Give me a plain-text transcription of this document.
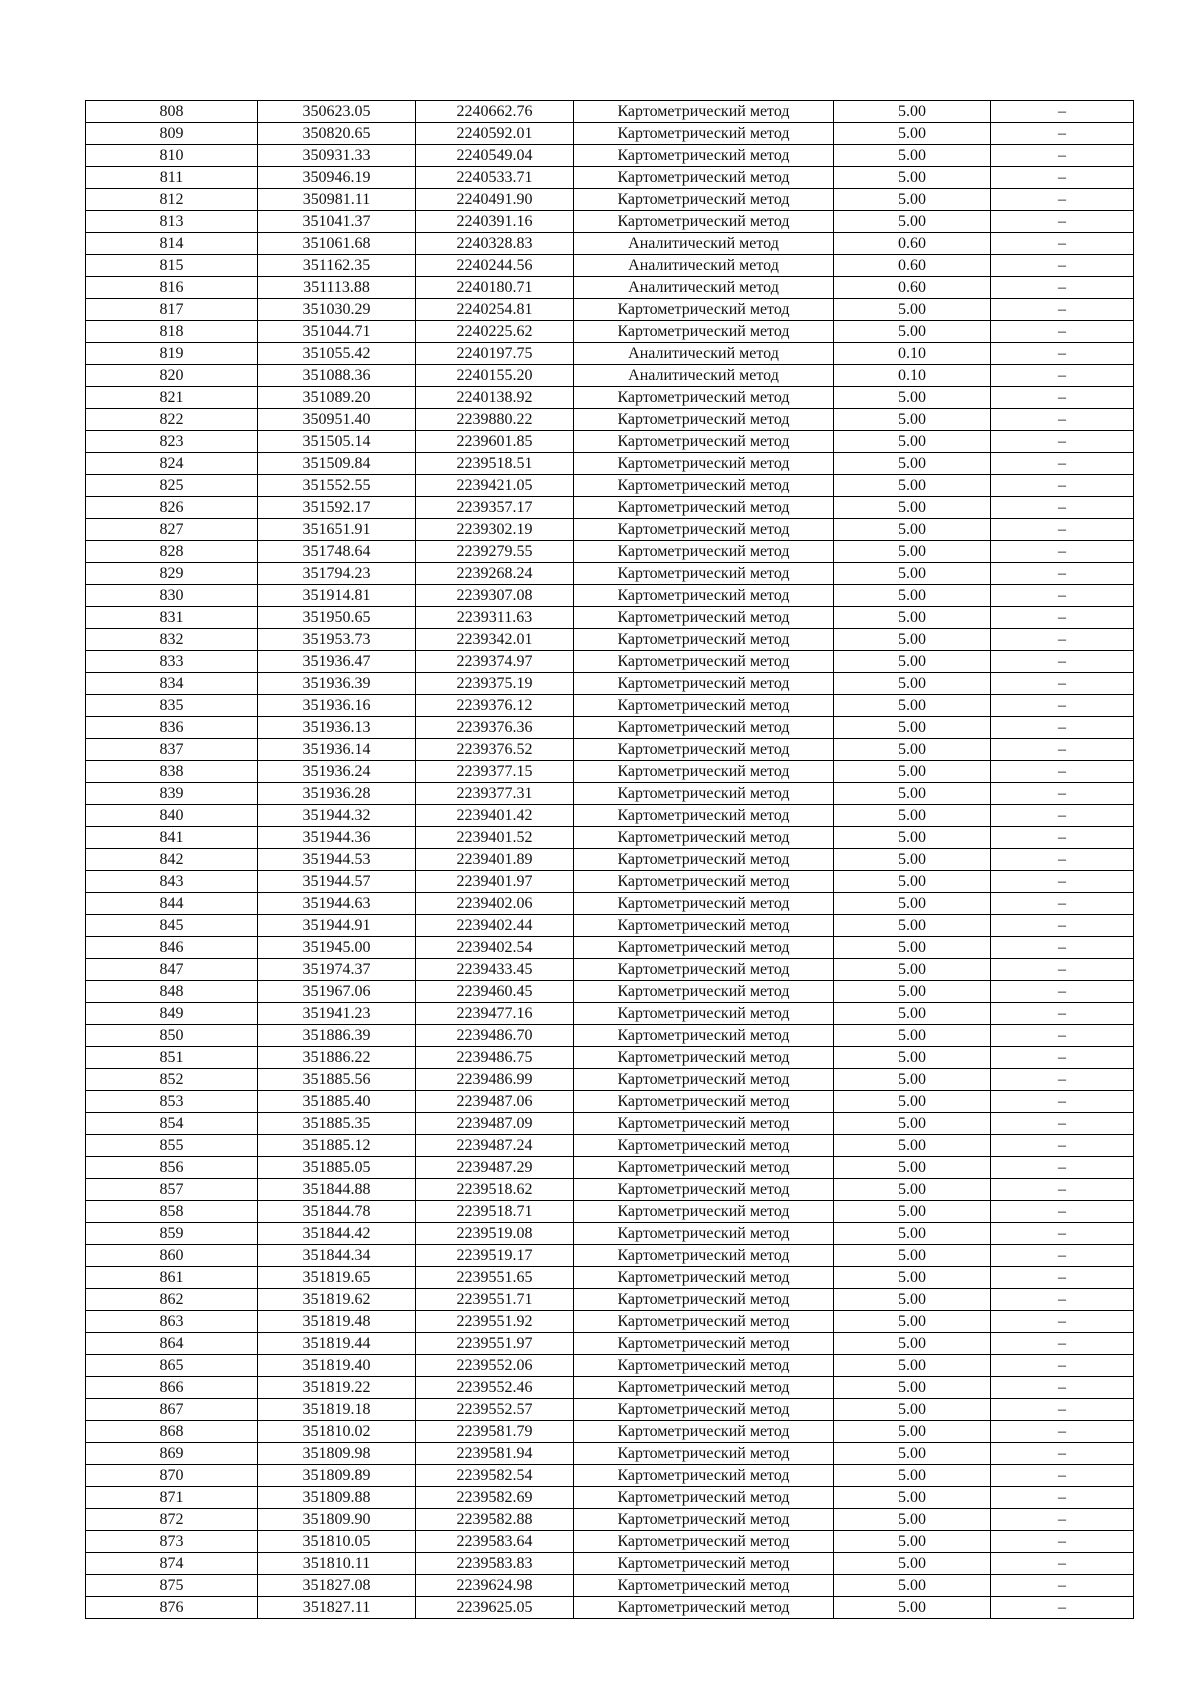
808	350623.05	2240662.76	Картометрический метод	5.00	–
809	350820.65	2240592.01	Картометрический метод	5.00	–
810	350931.33	2240549.04	Картометрический метод	5.00	–
811	350946.19	2240533.71	Картометрический метод	5.00	–
812	350981.11	2240491.90	Картометрический метод	5.00	–
813	351041.37	2240391.16	Картометрический метод	5.00	–
814	351061.68	2240328.83	Аналитический метод	0.60	–
815	351162.35	2240244.56	Аналитический метод	0.60	–
816	351113.88	2240180.71	Аналитический метод	0.60	–
817	351030.29	2240254.81	Картометрический метод	5.00	–
818	351044.71	2240225.62	Картометрический метод	5.00	–
819	351055.42	2240197.75	Аналитический метод	0.10	–
820	351088.36	2240155.20	Аналитический метод	0.10	–
821	351089.20	2240138.92	Картометрический метод	5.00	–
822	350951.40	2239880.22	Картометрический метод	5.00	–
823	351505.14	2239601.85	Картометрический метод	5.00	–
824	351509.84	2239518.51	Картометрический метод	5.00	–
825	351552.55	2239421.05	Картометрический метод	5.00	–
826	351592.17	2239357.17	Картометрический метод	5.00	–
827	351651.91	2239302.19	Картометрический метод	5.00	–
828	351748.64	2239279.55	Картометрический метод	5.00	–
829	351794.23	2239268.24	Картометрический метод	5.00	–
830	351914.81	2239307.08	Картометрический метод	5.00	–
831	351950.65	2239311.63	Картометрический метод	5.00	–
832	351953.73	2239342.01	Картометрический метод	5.00	–
833	351936.47	2239374.97	Картометрический метод	5.00	–
834	351936.39	2239375.19	Картометрический метод	5.00	–
835	351936.16	2239376.12	Картометрический метод	5.00	–
836	351936.13	2239376.36	Картометрический метод	5.00	–
837	351936.14	2239376.52	Картометрический метод	5.00	–
838	351936.24	2239377.15	Картометрический метод	5.00	–
839	351936.28	2239377.31	Картометрический метод	5.00	–
840	351944.32	2239401.42	Картометрический метод	5.00	–
841	351944.36	2239401.52	Картометрический метод	5.00	–
842	351944.53	2239401.89	Картометрический метод	5.00	–
843	351944.57	2239401.97	Картометрический метод	5.00	–
844	351944.63	2239402.06	Картометрический метод	5.00	–
845	351944.91	2239402.44	Картометрический метод	5.00	–
846	351945.00	2239402.54	Картометрический метод	5.00	–
847	351974.37	2239433.45	Картометрический метод	5.00	–
848	351967.06	2239460.45	Картометрический метод	5.00	–
849	351941.23	2239477.16	Картометрический метод	5.00	–
850	351886.39	2239486.70	Картометрический метод	5.00	–
851	351886.22	2239486.75	Картометрический метод	5.00	–
852	351885.56	2239486.99	Картометрический метод	5.00	–
853	351885.40	2239487.06	Картометрический метод	5.00	–
854	351885.35	2239487.09	Картометрический метод	5.00	–
855	351885.12	2239487.24	Картометрический метод	5.00	–
856	351885.05	2239487.29	Картометрический метод	5.00	–
857	351844.88	2239518.62	Картометрический метод	5.00	–
858	351844.78	2239518.71	Картометрический метод	5.00	–
859	351844.42	2239519.08	Картометрический метод	5.00	–
860	351844.34	2239519.17	Картометрический метод	5.00	–
861	351819.65	2239551.65	Картометрический метод	5.00	–
862	351819.62	2239551.71	Картометрический метод	5.00	–
863	351819.48	2239551.92	Картометрический метод	5.00	–
864	351819.44	2239551.97	Картометрический метод	5.00	–
865	351819.40	2239552.06	Картометрический метод	5.00	–
866	351819.22	2239552.46	Картометрический метод	5.00	–
867	351819.18	2239552.57	Картометрический метод	5.00	–
868	351810.02	2239581.79	Картометрический метод	5.00	–
869	351809.98	2239581.94	Картометрический метод	5.00	–
870	351809.89	2239582.54	Картометрический метод	5.00	–
871	351809.88	2239582.69	Картометрический метод	5.00	–
872	351809.90	2239582.88	Картометрический метод	5.00	–
873	351810.05	2239583.64	Картометрический метод	5.00	–
874	351810.11	2239583.83	Картометрический метод	5.00	–
875	351827.08	2239624.98	Картометрический метод	5.00	–
876	351827.11	2239625.05	Картометрический метод	5.00	–
